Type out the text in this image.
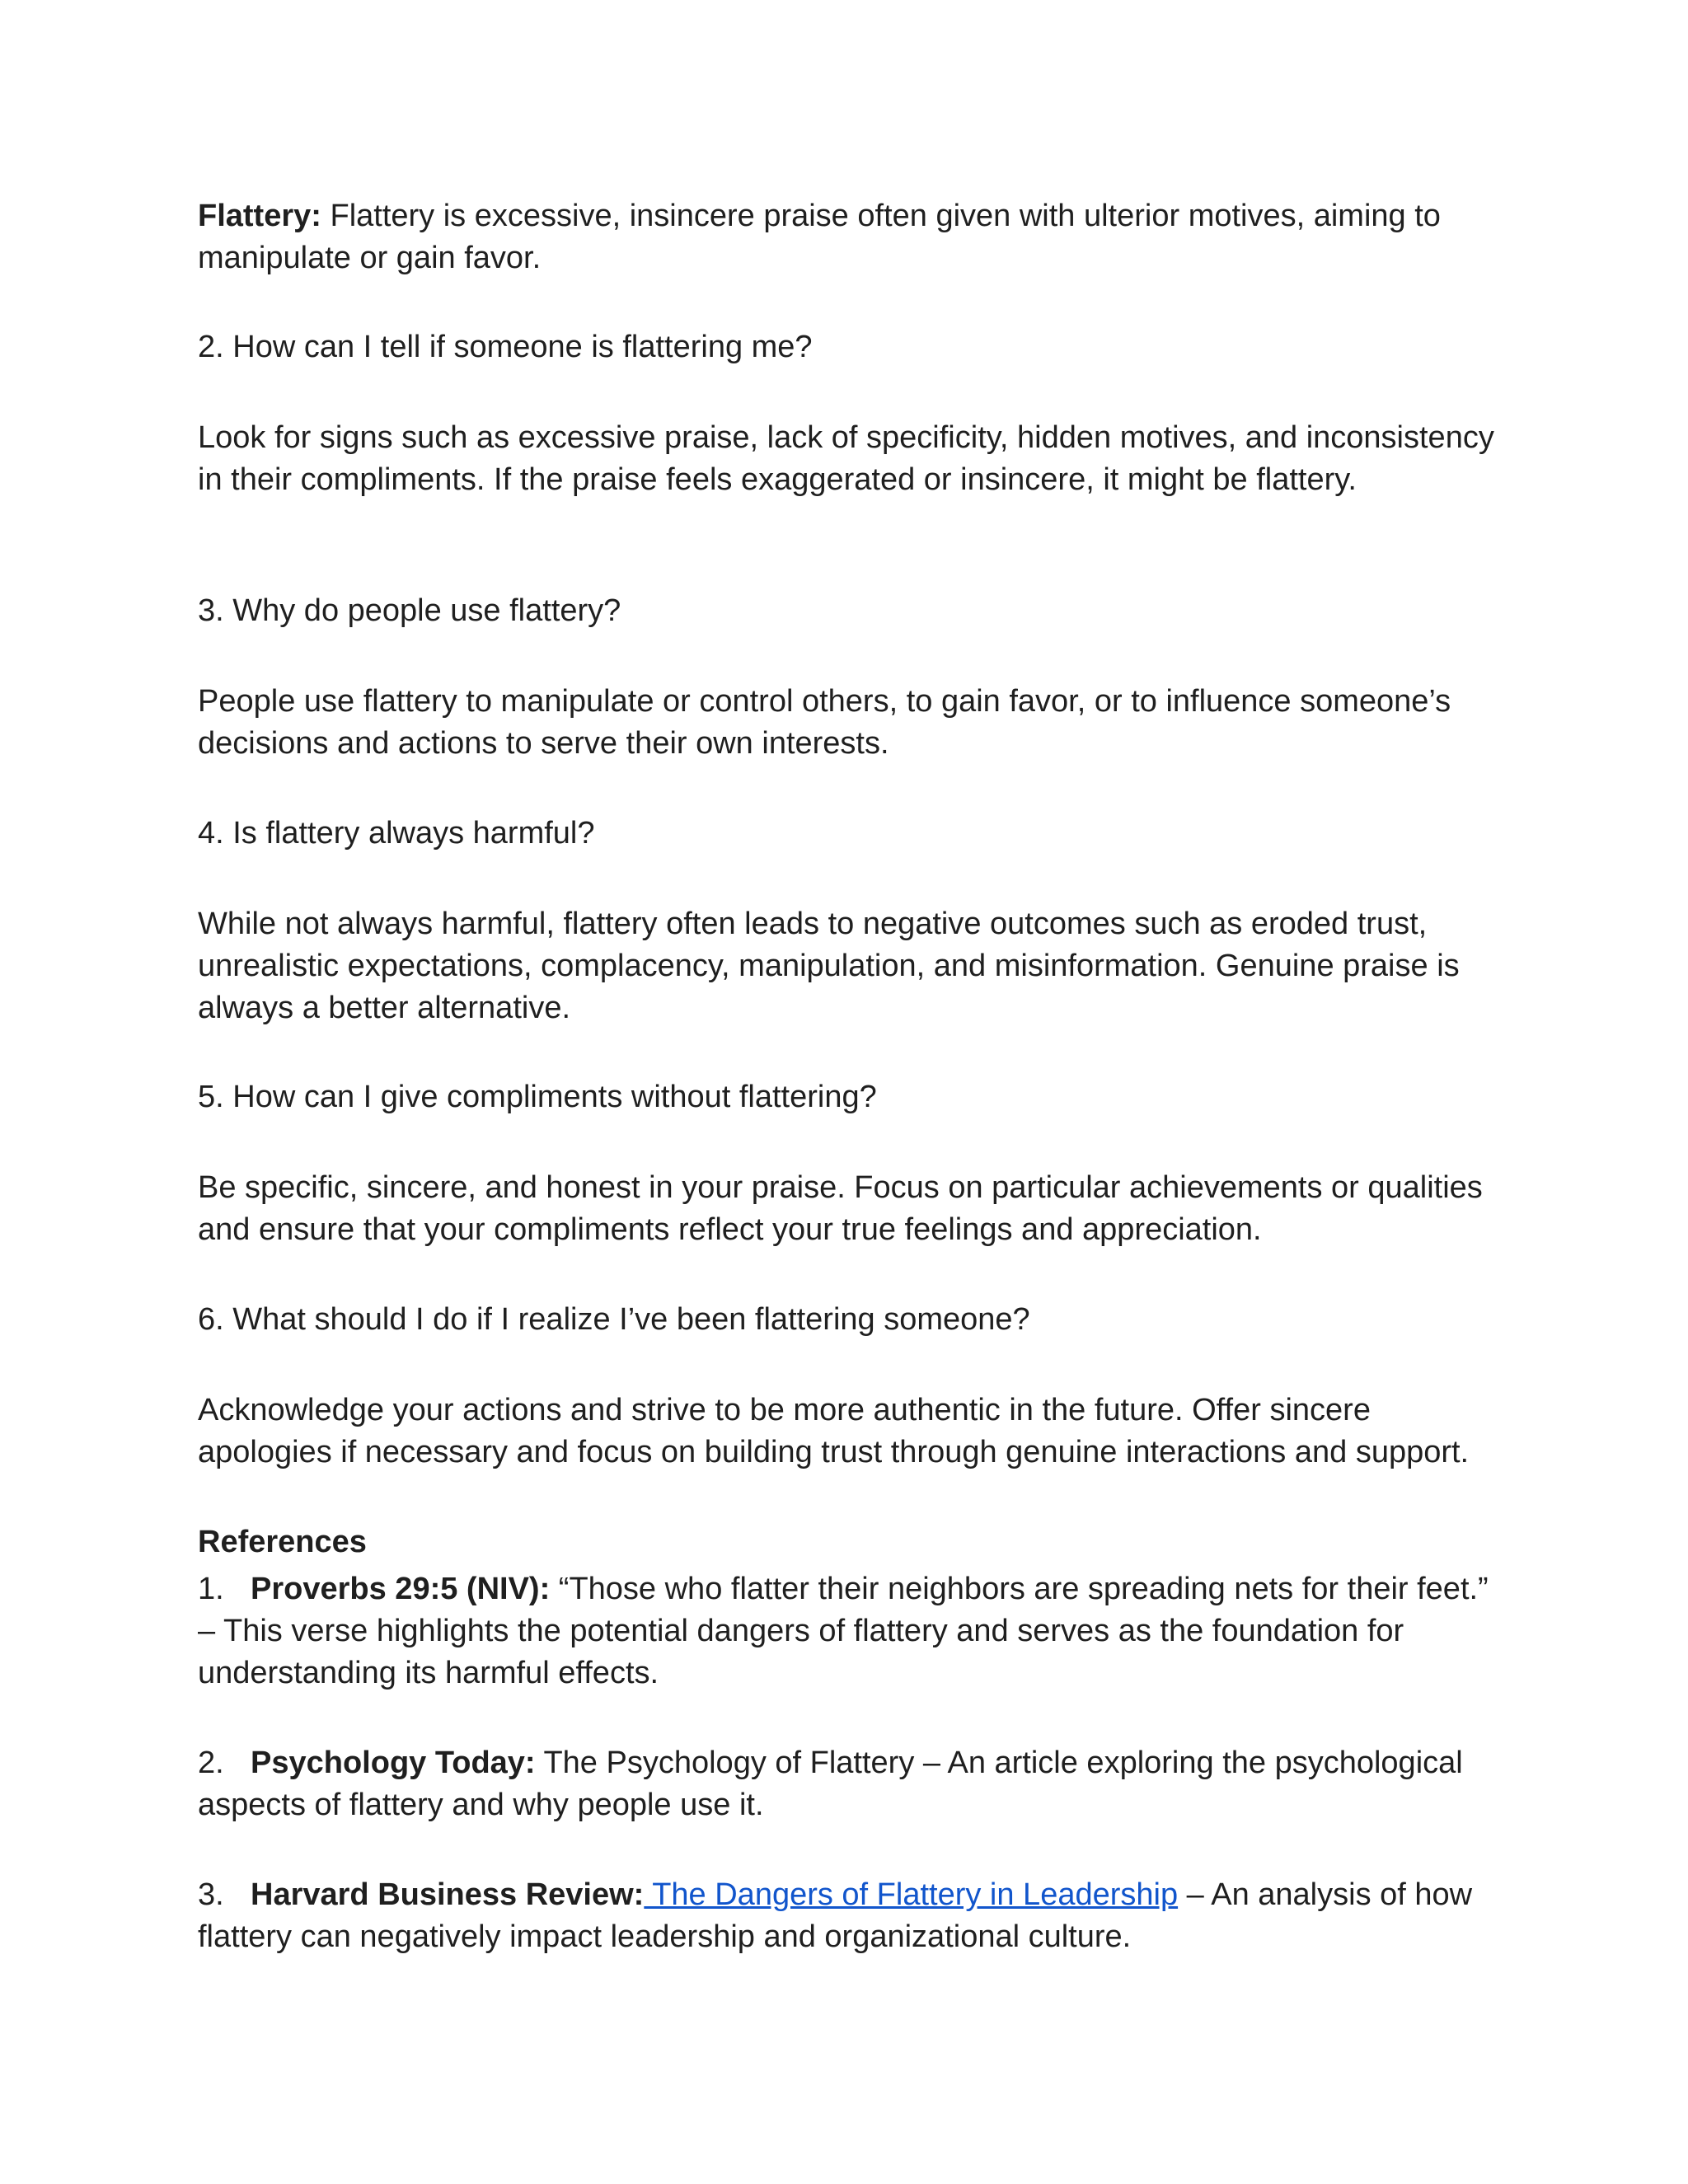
Flattery: Flattery is excessive, insincere praise often given with ulterior motives, aiming to manipulate or gain favor.

2. How can I tell if someone is flattering me?

Look for signs such as excessive praise, lack of specificity, hidden motives, and inconsistency in their compliments. If the praise feels exaggerated or insincere, it might be flattery.

3. Why do people use flattery?

People use flattery to manipulate or control others, to gain favor, or to influence someone’s decisions and actions to serve their own interests.

4. Is flattery always harmful?

While not always harmful, flattery often leads to negative outcomes such as eroded trust, unrealistic expectations, complacency, manipulation, and misinformation. Genuine praise is always a better alternative.

5. How can I give compliments without flattering?

Be specific, sincere, and honest in your praise. Focus on particular achievements or qualities and ensure that your compliments reflect your true feelings and appreciation.

6. What should I do if I realize I’ve been flattering someone?

Acknowledge your actions and strive to be more authentic in the future. Offer sincere apologies if necessary and focus on building trust through genuine interactions and support.

References

1. Proverbs 29:5 (NIV): “Those who flatter their neighbors are spreading nets for their feet.” – This verse highlights the potential dangers of flattery and serves as the foundation for understanding its harmful effects.

2. Psychology Today: The Psychology of Flattery – An article exploring the psychological aspects of flattery and why people use it.

3. Harvard Business Review: The Dangers of Flattery in Leadership – An analysis of how flattery can negatively impact leadership and organizational culture.
